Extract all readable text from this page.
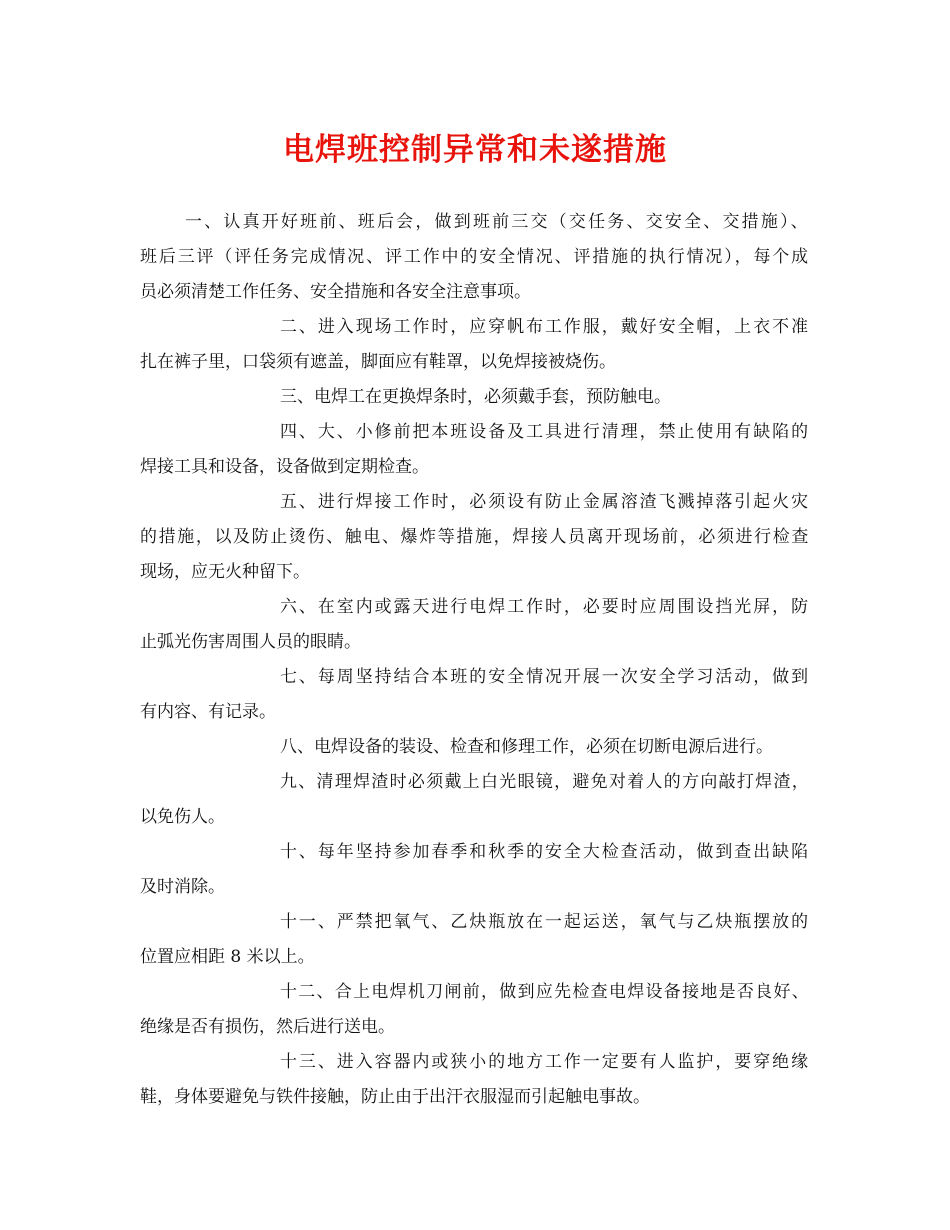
电焊班控制异常和未遂措施
一、认真开好班前、班后会，做到班前三交（交任务、交安全、交措施）、
班后三评（评任务完成情况、评工作中的安全情况、评措施的执行情况），每个成
员必须清楚工作任务、安全措施和各安全注意事项。
二、进入现场工作时，应穿帆布工作服，戴好安全帽，上衣不准
扎在裤子里，口袋须有遮盖，脚面应有鞋罩，以免焊接被烧伤。
三、电焊工在更换焊条时，必须戴手套，预防触电。
四、大、小修前把本班设备及工具进行清理，禁止使用有缺陷的
焊接工具和设备，设备做到定期检查。
五、进行焊接工作时，必须设有防止金属溶渣飞溅掉落引起火灾
的措施，以及防止烫伤、触电、爆炸等措施，焊接人员离开现场前，必须进行检查
现场，应无火种留下。
六、在室内或露天进行电焊工作时，必要时应周围设挡光屏，防
止弧光伤害周围人员的眼睛。
七、每周坚持结合本班的安全情况开展一次安全学习活动，做到
有内容、有记录。
八、电焊设备的装设、检查和修理工作，必须在切断电源后进行。
九、清理焊渣时必须戴上白光眼镜，避免对着人的方向敲打焊渣，
以免伤人。
十、每年坚持参加春季和秋季的安全大检查活动，做到查出缺陷
及时消除。
十一、严禁把氧气、乙炔瓶放在一起运送，氧气与乙炔瓶摆放的
位置应相距 8 米以上。
十二、合上电焊机刀闸前，做到应先检查电焊设备接地是否良好、
绝缘是否有损伤，然后进行送电。
十三、进入容器内或狭小的地方工作一定要有人监护，要穿绝缘
鞋，身体要避免与铁件接触，防止由于出汗衣服湿而引起触电事故。
